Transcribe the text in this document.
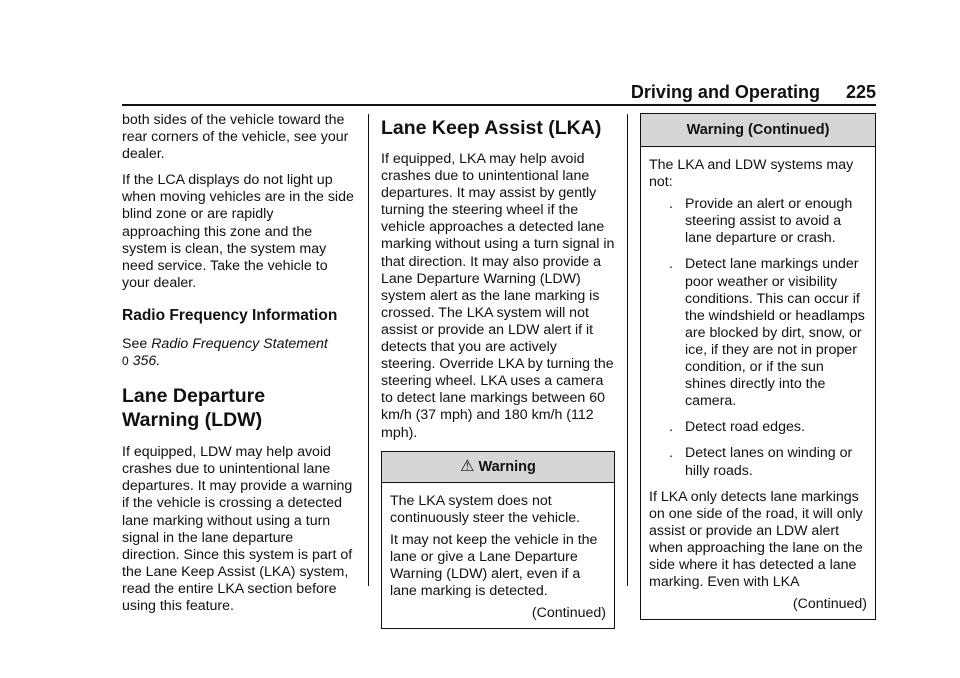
Driving and Operating 225

both sides of the vehicle toward the rear corners of the vehicle, see your dealer.

If the LCA displays do not light up when moving vehicles are in the side blind zone or are rapidly approaching this zone and the system is clean, the system may need service. Take the vehicle to your dealer.

Radio Frequency Information

See Radio Frequency Statement
0 356.

Lane Departure
Warning (LDW)

If equipped, LDW may help avoid crashes due to unintentional lane departures. It may provide a warning if the vehicle is crossing a detected lane marking without using a turn signal in the lane departure direction. Since this system is part of the Lane Keep Assist (LKA) system, read the entire LKA section before using this feature.

Lane Keep Assist (LKA)

If equipped, LKA may help avoid crashes due to unintentional lane departures. It may assist by gently turning the steering wheel if the vehicle approaches a detected lane marking without using a turn signal in that direction. It may also provide a Lane Departure Warning (LDW) system alert as the lane marking is crossed. The LKA system will not assist or provide an LDW alert if it detects that you are actively steering. Override LKA by turning the steering wheel. LKA uses a camera to detect lane markings between 60 km/h (37 mph) and 180 km/h (112 mph).

⚠ Warning

The LKA system does not continuously steer the vehicle.

It may not keep the vehicle in the lane or give a Lane Departure Warning (LDW) alert, even if a lane marking is detected.

(Continued)
Warning (Continued)

The LKA and LDW systems may not:

. Provide an alert or enough steering assist to avoid a lane departure or crash.
. Detect lane markings under poor weather or visibility conditions. This can occur if the windshield or headlamps are blocked by dirt, snow, or ice, if they are not in proper condition, or if the sun shines directly into the camera.
. Detect road edges.
. Detect lanes on winding or hilly roads.

If LKA only detects lane markings on one side of the road, it will only assist or provide an LDW alert when approaching the lane on the side where it has detected a lane marking. Even with LKA

(Continued)
